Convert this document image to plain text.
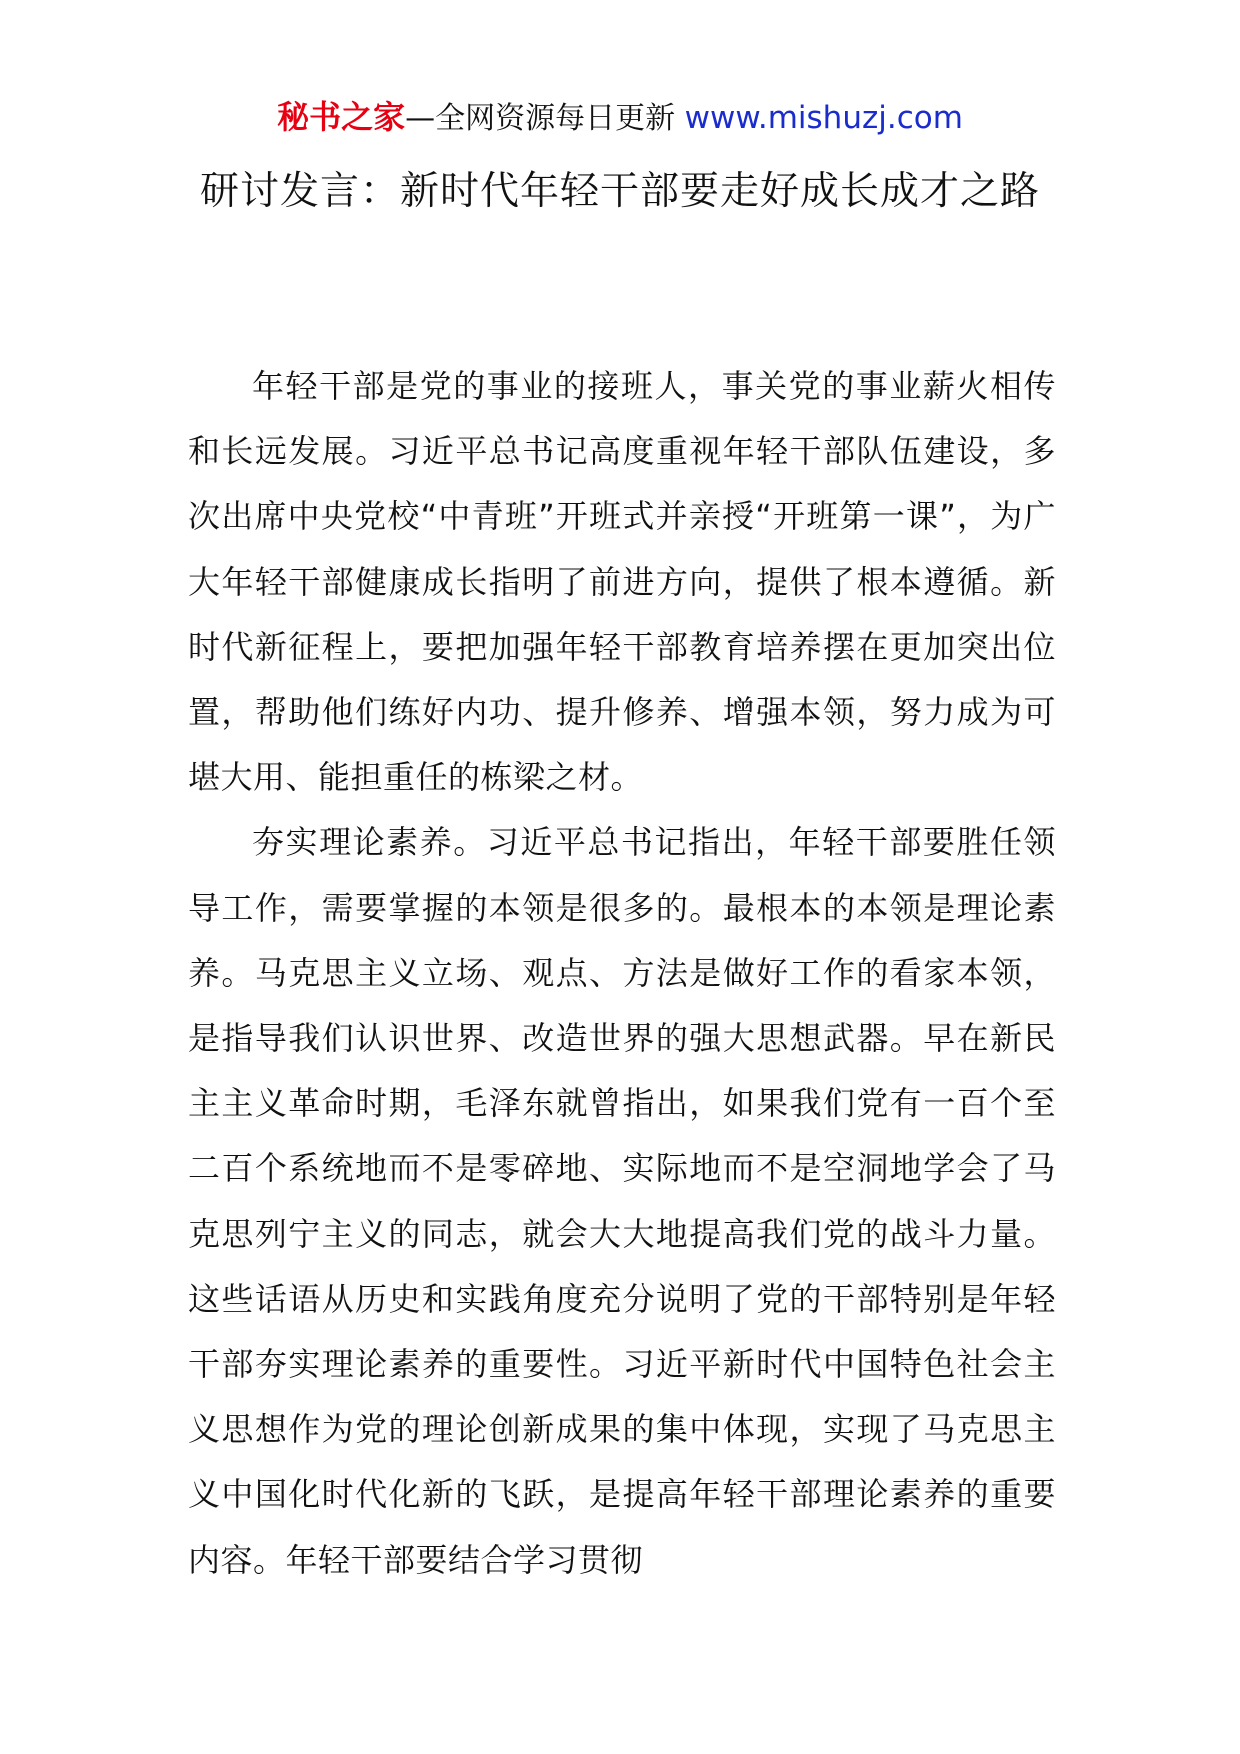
秘书之家—全网资源每日更新 www.mishuzj.com
研讨发言：新时代年轻干部要走好成长成才之路

年轻干部是党的事业的接班人，事关党的事业薪火相传和长远发展。习近平总书记高度重视年轻干部队伍建设，多次出席中央党校“中青班”开班式并亲授“开班第一课”，为广大年轻干部健康成长指明了前进方向，提供了根本遵循。新时代新征程上，要把加强年轻干部教育培养摆在更加突出位置，帮助他们练好内功、提升修养、增强本领，努力成为可堪大用、能担重任的栋梁之材。

夯实理论素养。习近平总书记指出，年轻干部要胜任领导工作，需要掌握的本领是很多的。最根本的本领是理论素养。马克思主义立场、观点、方法是做好工作的看家本领，是指导我们认识世界、改造世界的强大思想武器。早在新民主主义革命时期，毛泽东就曾指出，如果我们党有一百个至二百个系统地而不是零碎地、实际地而不是空洞地学会了马克思列宁主义的同志，就会大大地提高我们党的战斗力量。这些话语从历史和实践角度充分说明了党的干部特别是年轻干部夯实理论素养的重要性。习近平新时代中国特色社会主义思想作为党的理论创新成果的集中体现，实现了马克思主义中国化时代化新的飞跃，是提高年轻干部理论素养的重要内容。年轻干部要结合学习贯彻
